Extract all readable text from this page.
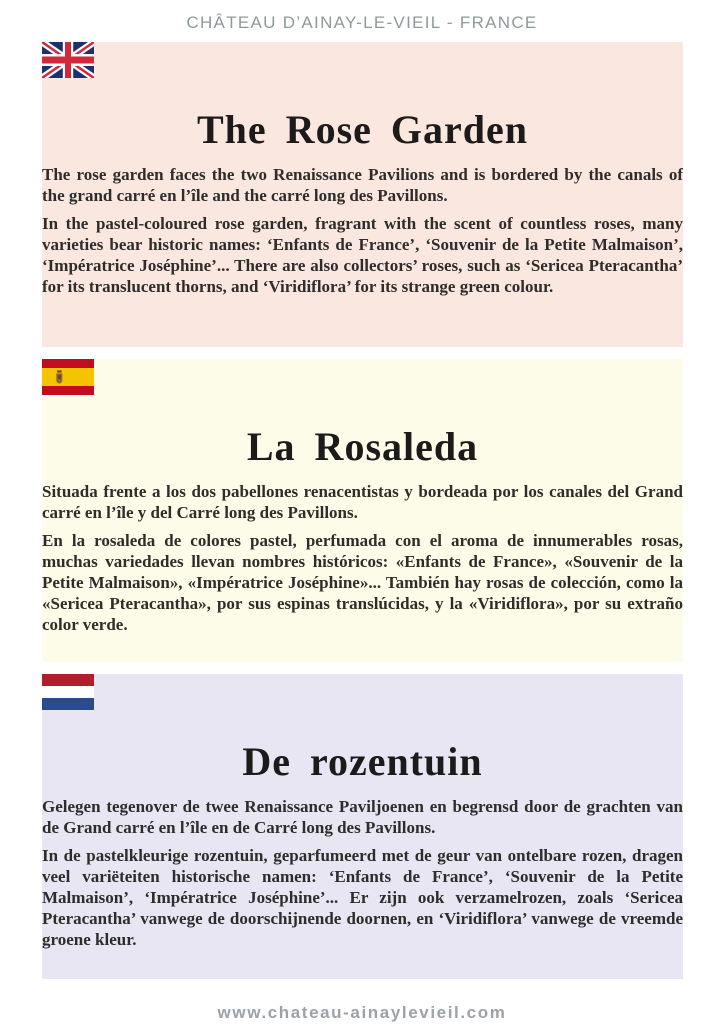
CHÂTEAU D’AINAY-LE-VIEIL - FRANCE
The Rose Garden

The rose garden faces the two Renaissance Pavilions and is bordered by the canals of the grand carré en l’île and the carré long des Pavillons.

In the pastel-coloured rose garden, fragrant with the scent of countless roses, many varieties bear historic names: ‘Enfants de France’, ‘Souvenir de la Petite Malmaison’, ‘Impératrice Joséphine’... There are also collectors’ roses, such as ‘Sericea Pteracantha’ for its translucent thorns, and ‘Viridiflora’ for its strange green colour.

La Rosaleda

Situada frente a los dos pabellones renacentistas y bordeada por los canales del Grand carré en l’île y del Carré long des Pavillons.

En la rosaleda de colores pastel, perfumada con el aroma de innumerables rosas, muchas variedades llevan nombres históricos: «Enfants de France», «Souvenir de la Petite Malmaison», «Impératrice Joséphine»... También hay rosas de colección, como la «Sericea Pteracantha», por sus espinas translúcidas, y la «Viridiflora», por su extraño color verde.

De rozentuin

Gelegen tegenover de twee Renaissance Paviljoenen en begrensd door de grachten van de Grand carré en l’île en de Carré long des Pavillons.

In de pastelkleurige rozentuin, geparfumeerd met de geur van ontelbare rozen, dragen veel variëteiten historische namen: ‘Enfants de France’, ‘Souvenir de la Petite Malmaison’, ‘Impératrice Joséphine’... Er zijn ook verzamelrozen, zoals ‘Sericea Pteracantha’ vanwege de doorschijnende doornen, en ‘Viridiflora’ vanwege de vreemde groene kleur.

www.chateau-ainaylevieil.com
